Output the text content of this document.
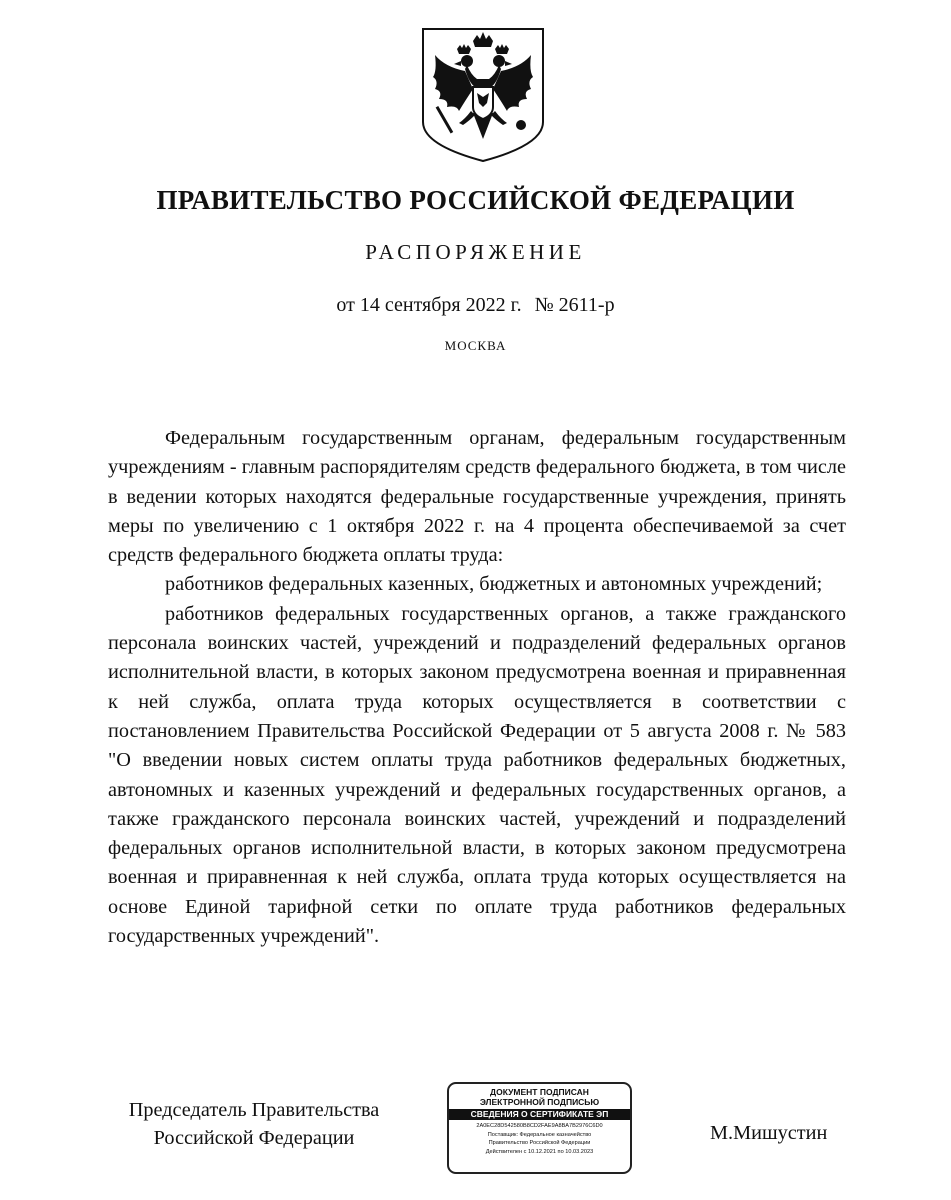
ПРАВИТЕЛЬСТВО РОССИЙСКОЙ ФЕДЕРАЦИИ
РАСПОРЯЖЕНИЕ
от 14 сентября 2022 г. № 2611-р
МОСКВА

Федеральным государственным органам, федеральным государственным учреждениям - главным распорядителям средств федерального бюджета, в том числе в ведении которых находятся федеральные государственные учреждения, принять меры по увеличению с 1 октября 2022 г. на 4 процента обеспечиваемой за счет средств федерального бюджета оплаты труда:

работников федеральных казенных, бюджетных и автономных учреждений;

работников федеральных государственных органов, а также гражданского персонала воинских частей, учреждений и подразделений федеральных органов исполнительной власти, в которых законом предусмотрена военная и приравненная к ней служба, оплата труда которых осуществляется в соответствии с постановлением Правительства Российской Федерации от 5 августа 2008 г. № 583 "О введении новых систем оплаты труда работников федеральных бюджетных, автономных и казенных учреждений и федеральных государственных органов, а также гражданского персонала воинских частей, учреждений и подразделений федеральных органов исполнительной власти, в которых законом предусмотрена военная и приравненная к ней служба, оплата труда которых осуществляется на основе Единой тарифной сетки по оплате труда работников федеральных государственных учреждений".

Председатель Правительства
Российской Федерации
ДОКУМЕНТ ПОДПИСАН
ЭЛЕКТРОННОЙ ПОДПИСЬЮ
СВЕДЕНИЯ О СЕРТИФИКАТЕ ЭП
2A0EC28D542580B8CD2FAE9A8BA7B2976C6D0
Поставщик: Федеральное казначейство
Правительство Российской Федерации
Действителен с 10.12.2021 по 10.03.2023
М.Мишустин
